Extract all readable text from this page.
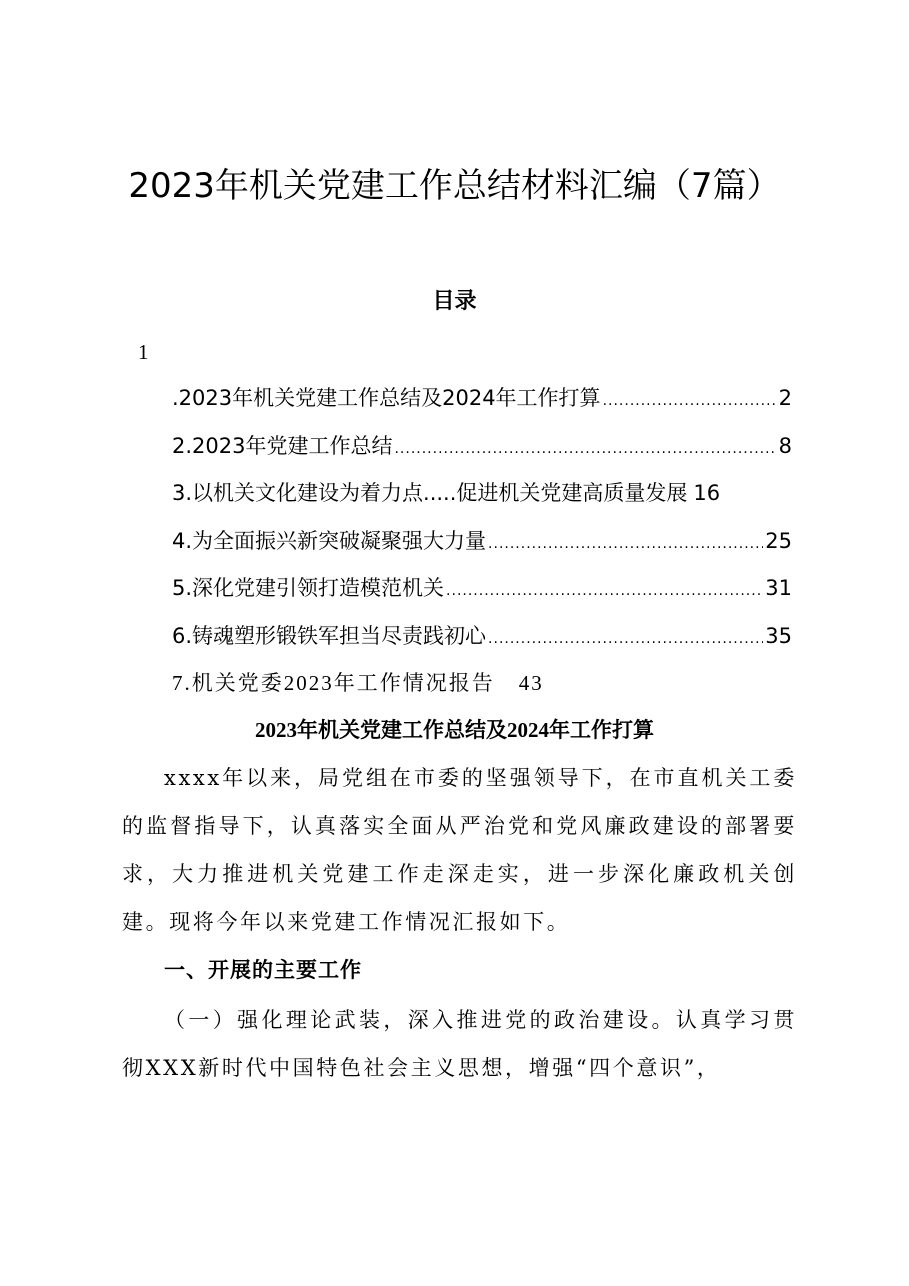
2023年机关党建工作总结材料汇编（7篇）
目录
1
.2023年机关党建工作总结及2024年工作打算 .....	2
2.2023年党建工作总结 .....	8
3.以机关文化建设为着力点.....促进机关党建高质量发展 16
4.为全面振兴新突破凝聚强大力量 .....	25
5.深化党建引领打造模范机关 .....	31
6.铸魂塑形锻铁军担当尽责践初心 .....	35
7.机关党委2023年工作情况报告 43
2023年机关党建工作总结及2024年工作打算

xxxx年以来，局党组在市委的坚强领导下，在市直机关工委的监督指导下，认真落实全面从严治党和党风廉政建设的部署要求，大力推进机关党建工作走深走实，进一步深化廉政机关创建。现将今年以来党建工作情况汇报如下。

一、开展的主要工作

（一）强化理论武装，深入推进党的政治建设。认真学习贯彻XXX新时代中国特色社会主义思想，增强“四个意识”，
